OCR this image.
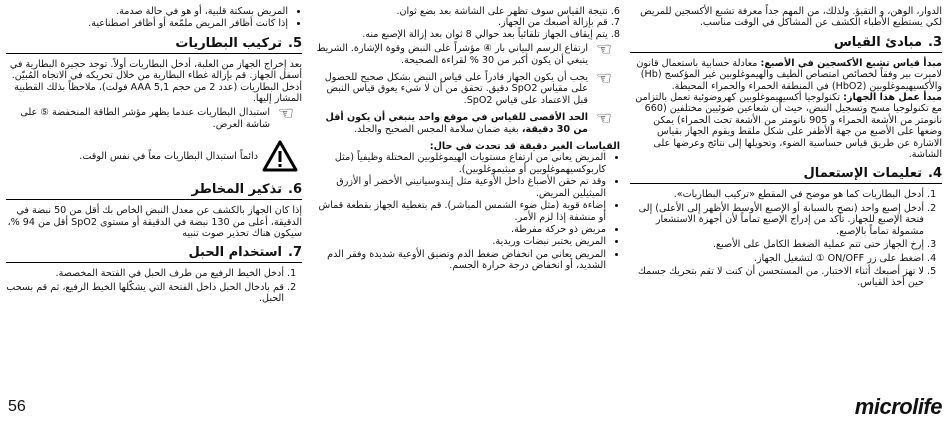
الدوار، الوهن، و التقيؤ. ولذلك، من المهم جداً معرفة تشبع الأكسجين للمريض لكي يستطيع الأطباء الكشف عن المشاكل في الوقت مناسب.

3.مبادئ القياس

مبدأ قياس تشبع الأكسجين في الأصبع: معادلة حسابية باستعمال قانون لامبرت بير وفقاً لخصائص امتصاص الطيف والهيموغلوبين غير المؤكسج (Hb) والأكسيهيموغلوبين (HbO2) في المنطقة الحمراء والحمراء المحيطة.

مبدأ عمل هذا الجهاز: تكنولوجيا أكسيهيموغلوبين كهروضوئية تعمل بالتزامن مع تكنولوجيا مسح وتسجيل النبض، حيث أن شعاعين ضوئيين مختلفين (660 نانومتر من الأشعة الحمراء و 905 نانومتر من الأشعة تحت الحمراء) يمكن وضعها على الأصبع من جهة الأظفر على شكل ملقط ويقوم الجهاز بقياس الاشارة عن طريق قياس حساسية الضوء، وتحويلها إلى نتائج وعرضها على الشاشة.

4.تعليمات الإستعمال
1. أدخل البطاريات كما هو موضح في المقطع «تركيب البطاريات».
2. أدخل إصبع واحد (نصح بالسبابة أو الإصبع الأوسط الأظهر إلى الأعلى) إلى فتحة الإصبع للجهاز. تأكد من إدراج الإصبع تماماً لأن أجهزة الاستشعار مشمولة تماماً بالإصبع.
3. إرخ الجهاز حتى تتم عملية الضغط الكامل على الأصبع.
4. اضغط على زر ON/OFF ① لتشغيل الجهاز.
5. لا تهز أصبعك أثناء الاختبار. من المستحسن أن كنت لا تقم بتحريك جسمك حين أخذ القياس.

6. نتيجة القياس سوف تظهر على الشاشة بعد بضع ثوان.

7. قم بإزالة أصبعك من الجهاز.

8. يتم إيقاف الجهاز تلقائياً بعد حوالي 8 ثوان بعد إزالة الإصبع منه.

☜
ارتفاع الرسم البياني بار ④ مؤشراً على النبض وقوة الإشارة. الشريط ينبغي أن يكون أكبر من 30 % لقراءة الصحيحة.
☜
يجب أن يكون الجهاز قادراً على قياس النبض بشكل صحيح للحصول على مقياس SpO2 دقيق. تحقق من أن لا شيء يعوق قياس النبض قبل الاعتماد على قياس SpO2.
☜
الحد الأقصى للقياس في موقع واحد ينبغي أن يكون أقل من 30 دقيقة، بغية ضمان سلامة المجس الصحيح والجلد.

القياسات الغير دقيقة قد تحدث في حال:

• المريض يعاني من ارتفاع مستويات الهيموغلوبين المختلة وظيفياً (مثل كاربوكسيهموغلوبين أو ميثيموغلوبين).
• وقد تم حقن الأصباغ داخل الأوعية مثل إيندوسيانيني الأخضر أو الأزرق الميثيلين المريض.
• إضاءة قوية (مثل ضوء الشمس المباشر). قم بتغطية الجهاز بقطعة قماش أو منشفة إذا لزم الأمر.
• مريض ذو حركة مفرطة.
• المريض يختبر نبضات وريدية.
• المريض يعاني من انخفاض ضغط الدم وتضيق الأوعية شديدة وفقر الدم الشديد، أو انخفاض درجة حرارة الجسم.
• المريض بسكتة قلبية، أو هو في حالة صدمة.
• إذا كانت أظافر المريض ملمّعة أو أظافر اصطناعية.
5.تركيب البطاريات

بعد إخراج الجهاز من العلبة، أدخل البطاريات أولاً. توجد حجيرة البطارية في أسفل الجهاز. قم بإزالة غطاء البطارية من خلال تحريكه في الاتجاه المُبيّن. أدخل البطاريات (عدد 2 من حجم AAA 5,1 فولت)، ملاحظاً بذلك القطبية المشار إليها.

☜
استبدال البطاريات عندما يظهر مؤشر الطاقة المنخفضة ⑤ على شاشة العرض.
دائماً استبدال البطاريات معاً في نفس الوقت.
6.تذكير المخاطر

إذا كان الجهاز بالكشف عن معدل النبض الخاص بك أقل من 50 نبضة في الدقيقة، أعلى من 130 نبضة في الدقيقة أو مستوى SpO2 أقل من 94 %، سيكون هناك تحذير صوت تنبيه

7.استخدام الحبل
1. أدخل الخيط الرفيع من طرف الحبل في الفتحة المخصصة.
2. قم بادخال الحبل داخل الفتحة التي يشكّلها الخيط الرفيع، ثم قم بسحب الحبل.
56	microlife
